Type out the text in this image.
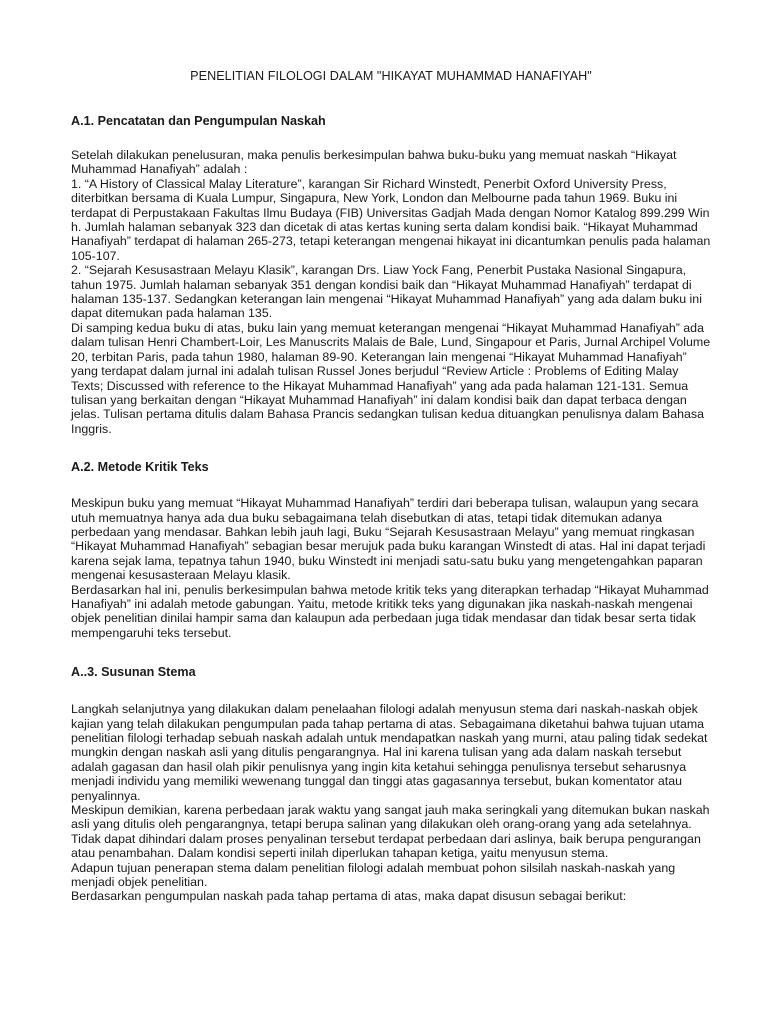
PENELITIAN FILOLOGI DALAM "HIKAYAT MUHAMMAD HANAFIYAH"
A.1. Pencatatan dan Pengumpulan Naskah

Setelah dilakukan penelusuran, maka penulis berkesimpulan bahwa buku-buku yang memuat naskah “Hikayat Muhammad Hanafiyah” adalah :

1. “A History of Classical Malay Literature”, karangan Sir Richard Winstedt, Penerbit Oxford University Press, diterbitkan bersama di Kuala Lumpur, Singapura, New York, London dan Melbourne pada tahun 1969. Buku ini terdapat di Perpustakaan Fakultas Ilmu Budaya (FIB) Universitas Gadjah Mada dengan Nomor Katalog 899.299 Win h. Jumlah halaman sebanyak 323 dan dicetak di atas kertas kuning serta dalam kondisi baik. “Hikayat Muhammad Hanafiyah” terdapat di halaman 265-273, tetapi keterangan mengenai hikayat ini dicantumkan penulis pada halaman 105-107.

2. “Sejarah Kesusastraan Melayu Klasik”, karangan Drs. Liaw Yock Fang, Penerbit Pustaka Nasional Singapura, tahun 1975. Jumlah halaman sebanyak 351 dengan kondisi baik dan “Hikayat Muhammad Hanafiyah” terdapat di halaman 135-137. Sedangkan keterangan lain mengenai “Hikayat Muhammad Hanafiyah” yang ada dalam buku ini dapat ditemukan pada halaman 135.

Di samping kedua buku di atas, buku lain yang memuat keterangan mengenai “Hikayat Muhammad Hanafiyah” ada dalam tulisan Henri Chambert-Loir, Les Manuscrits Malais de Bale, Lund, Singapour et Paris, Jurnal Archipel Volume 20, terbitan Paris, pada tahun 1980, halaman 89-90. Keterangan lain mengenai “Hikayat Muhammad Hanafiyah” yang terdapat dalam jurnal ini adalah tulisan Russel Jones berjudul “Review Article : Problems of Editing Malay Texts; Discussed with reference to the Hikayat Muhammad Hanafiyah” yang ada pada halaman 121-131. Semua tulisan yang berkaitan dengan “Hikayat Muhammad Hanafiyah” ini dalam kondisi baik dan dapat terbaca dengan jelas. Tulisan pertama ditulis dalam Bahasa Prancis sedangkan tulisan kedua dituangkan penulisnya dalam Bahasa Inggris.

A.2. Metode Kritik Teks

Meskipun buku yang memuat “Hikayat Muhammad Hanafiyah” terdiri dari beberapa tulisan, walaupun yang secara utuh memuatnya hanya ada dua buku sebagaimana telah disebutkan di atas, tetapi tidak ditemukan adanya perbedaan yang mendasar. Bahkan lebih jauh lagi, Buku “Sejarah Kesusastraan Melayu” yang memuat ringkasan “Hikayat Muhammad Hanafiyah” sebagian besar merujuk pada buku karangan Winstedt di atas. Hal ini dapat terjadi karena sejak lama, tepatnya tahun 1940, buku Winstedt ini menjadi satu-satu buku yang mengetengahkan paparan mengenai kesusasteraan Melayu klasik.

Berdasarkan hal ini, penulis berkesimpulan bahwa metode kritik teks yang diterapkan terhadap “Hikayat Muhammad Hanafiyah” ini adalah metode gabungan. Yaitu, metode kritikk teks yang digunakan jika naskah-naskah mengenai objek penelitian dinilai hampir sama dan kalaupun ada perbedaan juga tidak mendasar dan tidak besar serta tidak mempengaruhi teks tersebut.

A..3. Susunan Stema

Langkah selanjutnya yang dilakukan dalam penelaahan filologi adalah menyusun stema dari naskah-naskah objek kajian yang telah dilakukan pengumpulan pada tahap pertama di atas. Sebagaimana diketahui bahwa tujuan utama penelitian filologi terhadap sebuah naskah adalah untuk mendapatkan naskah yang murni, atau paling tidak sedekat mungkin dengan naskah asli yang ditulis pengarangnya. Hal ini karena tulisan yang ada dalam naskah tersebut adalah gagasan dan hasil olah pikir penulisnya yang ingin kita ketahui sehingga penulisnya tersebut seharusnya menjadi individu yang memiliki wewenang tunggal dan tinggi atas gagasannya tersebut, bukan komentator atau penyalinnya.

Meskipun demikian, karena perbedaan jarak waktu yang sangat jauh maka seringkali yang ditemukan bukan naskah asli yang ditulis oleh pengarangnya, tetapi berupa salinan yang dilakukan oleh orang-orang yang ada setelahnya. Tidak dapat dihindari dalam proses penyalinan tersebut terdapat perbedaan dari aslinya, baik berupa pengurangan atau penambahan. Dalam kondisi seperti inilah diperlukan tahapan ketiga, yaitu menyusun stema.

Adapun tujuan penerapan stema dalam penelitian filologi adalah membuat pohon silsilah naskah-naskah yang menjadi objek penelitian.

Berdasarkan pengumpulan naskah pada tahap pertama di atas, maka dapat disusun sebagai berikut:
